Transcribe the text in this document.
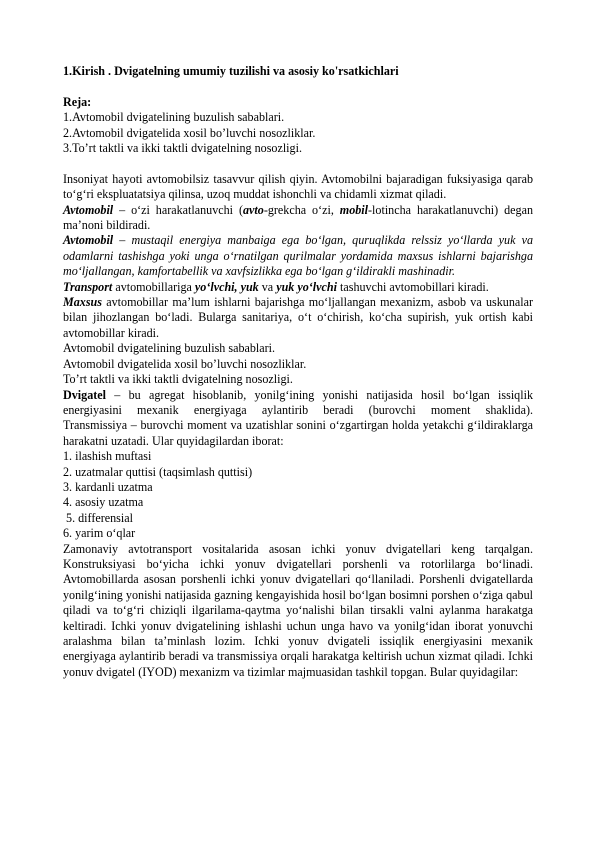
1.Kirish . Dvigatelning umumiy tuzilishi va asosiy ko'rsatkichlari

Reja:

1.Avtomobil dvigatelining buzulish sabablari.

2.Avtomobil dvigatelida xosil bo’luvchi nosozliklar.

3.To’rt taktli va ikki taktli dvigatelning nosozligi.

Insoniyat hayoti avtomobilsiz tasavvur qilish qiyin. Avtomobilni bajaradigan fuksiyasiga qarab to‘g‘ri ekspluatatsiya qilinsa, uzoq muddat ishonchli va chidamli xizmat qiladi.

Avtomobil – o‘zi harakatlanuvchi (avto-grekcha o‘zi, mobil-lotincha harakatlanuvchi) degan ma’noni bildiradi.

Avtomobil – mustaqil energiya manbaiga ega bo‘lgan, quruqlikda relssiz yo‘llarda yuk va odamlarni tashishga yoki unga o‘rnatilgan qurilmalar yordamida maxsus ishlarni bajarishga mo‘ljallangan, kamfortabellik va xavfsizlikka ega bo‘lgan g‘ildirakli mashinadir.

Transport avtomobillariga yo‘lvchi, yuk va yuk yo‘lvchi tashuvchi avtomobillari kiradi.

Maxsus avtomobillar ma’lum ishlarni bajarishga mo‘ljallangan mexanizm, asbob va uskunalar bilan jihozlangan bo‘ladi. Bularga sanitariya, o‘t o‘chirish, ko‘cha supirish, yuk ortish kabi avtomobillar kiradi.

Avtomobil dvigatelining buzulish sabablari.

Avtomobil dvigatelida xosil bo’luvchi nosozliklar.

To’rt taktli va ikki taktli dvigatelning nosozligi.

Dvigatel – bu agregat hisoblanib, yonilg‘ining yonishi natijasida hosil bo‘lgan issiqlik energiyasini mexanik energiyaga aylantirib beradi (burovchi moment shaklida).       Transmissiya – burovchi moment va uzatishlar sonini o‘zgartirgan holda yetakchi g‘ildiraklarga harakatni uzatadi. Ular quyidagilardan iborat:

1. ilashish muftasi

2. uzatmalar quttisi (taqsimlash quttisi)

3. kardanli uzatma

4. asosiy uzatma

5. differensial

6. yarim o‘qlar

Zamonaviy avtotransport vositalarida asosan ichki yonuv dvigatellari keng tarqalgan. Konstruksiyasi bo‘yicha ichki yonuv dvigatellari porshenli va rotorlilarga bo‘linadi. Avtomobillarda asosan porshenli ichki yonuv dvigatellari qo‘llaniladi. Porshenli dvigatellarda yonilg‘ining yonishi natijasida gazning kengayishida hosil bo‘lgan bosimni porshen o‘ziga qabul qiladi va to‘g‘ri chiziqli ilgarilama-qaytma yo‘nalishi bilan tirsakli valni aylanma harakatga keltiradi. Ichki yonuv dvigatelining ishlashi uchun unga havo va yonilg‘idan iborat yonuvchi aralashma bilan ta’minlash lozim. Ichki yonuv dvigateli issiqlik energiyasini mexanik energiyaga aylantirib beradi va transmissiya orqali harakatga keltirish uchun xizmat qiladi. Ichki yonuv dvigatel (IYOD) mexanizm va tizimlar majmuasidan tashkil topgan. Bular quyidagilar:
